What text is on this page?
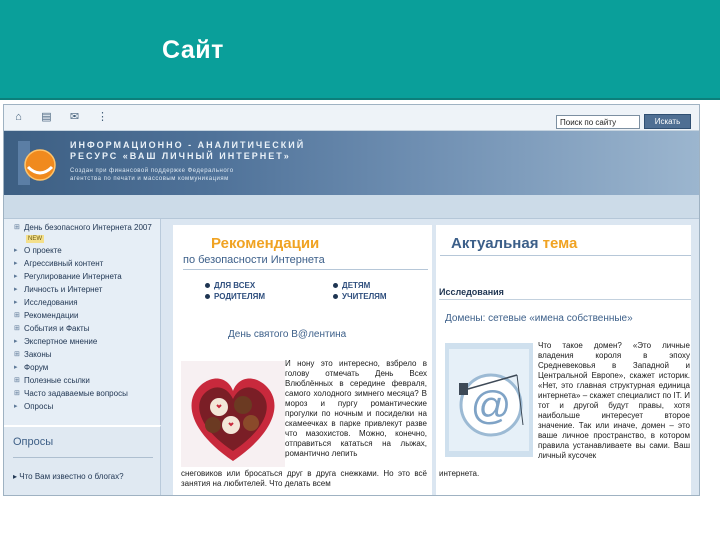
Сайт
⌂ ▤ ✉ ⋮
Поиск по сайту	Искать
ИНФОРМАЦИОННО - АНАЛИТИЧЕСКИЙ
РЕСУРС «ВАШ ЛИЧНЫЙ ИНТЕРНЕТ»
Создан при финансовой поддержке Федерального
агентства по печати и массовым коммуникациям
⊞ День безопасного Интернета 2007 NEW
▸ О проекте
▸ Агрессивный контент
▸ Регулирование Интернета
▸ Личность и Интернет
▸ Исследования
⊞ Рекомендации
⊞ События и Факты
▸ Экспертное мнение
⊞ Законы
▸ Форум
⊞ Полезные ссылки
⊞ Часто задаваемые вопросы
▸ Опросы
Опросы
▸ Что Вам известно о блогах?
Рекомендации
по безопасности Интернета
ДЛЯ ВСЕХ
РОДИТЕЛЯМ
ДЕТЯМ
УЧИТЕЛЯМ
День святого В@лентина
И нону это интересно, взбрело в голову отмечать День Всех Влюблённых в середине февраля, самого холодного зимнего месяца? В мороз и пургу романтические прогулки по ночным и посиделки на скамеечках в парке привлекут разве что мазохистов. Можно, конечно, отправиться кататься на лыжах, романтично лепить
снеговиков или бросаться друг в друга снежками. Но это всё занятия на любителей. Что делать всем
Актуальная тема
Исследования
Домены: сетевые «имена собственные»
@
Что такое домен? «Это личные владения короля в эпоху Средневековья в Западной и Центральной Европе», скажет историк. «Нет, это главная структурная единица интернета» – скажет специалист по IT. И тот и другой будут правы, хотя наибольше интересует второе значение. Так или иначе, домен – это ваше личное пространство, в котором правила устанавливаете вы сами. Ваш личный кусочек
интернета.
